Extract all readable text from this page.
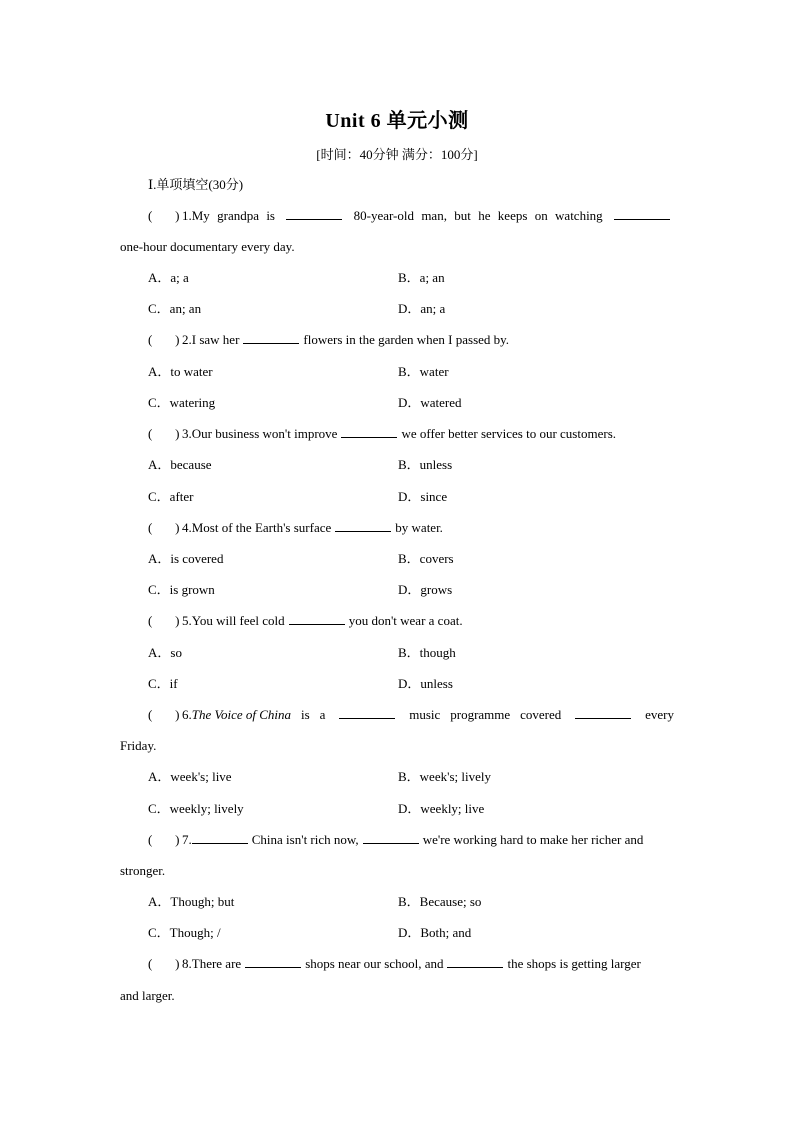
Unit 6 单元小测
[时间：40分钟 满分：100分]
Ⅰ.单项填空(30分)
( ) 1.My grandpa is	80-year-old man, but he keeps on watching
one-hour documentary every day.
A．a; a	B．a; an
C．an; an	D．an; a
( ) 2.I saw her	flowers in the garden when I passed by.
A．to water	B．water
C．watering	D．watered
( ) 3.Our business won't improve	we offer better services to our customers.
A．because	B．unless
C．after	D．since
( ) 4.Most of the Earth's surface	by water.
A．is covered	B．covers
C．is grown	D．grows
( ) 5.You will feel cold	you don't wear a coat.
A．so	B．though
C．if	D．unless
( ) 6.The Voice of China is a	music programme covered	every
Friday.
A．week's; live	B．week's; lively
C．weekly; lively	D．weekly; live
( ) 7.	China isn't rich now,	we're working hard to make her richer and
stronger.
A．Though; but	B．Because; so
C．Though; /	D．Both; and
( ) 8.There are	shops near our school, and	the shops is getting larger
and larger.
